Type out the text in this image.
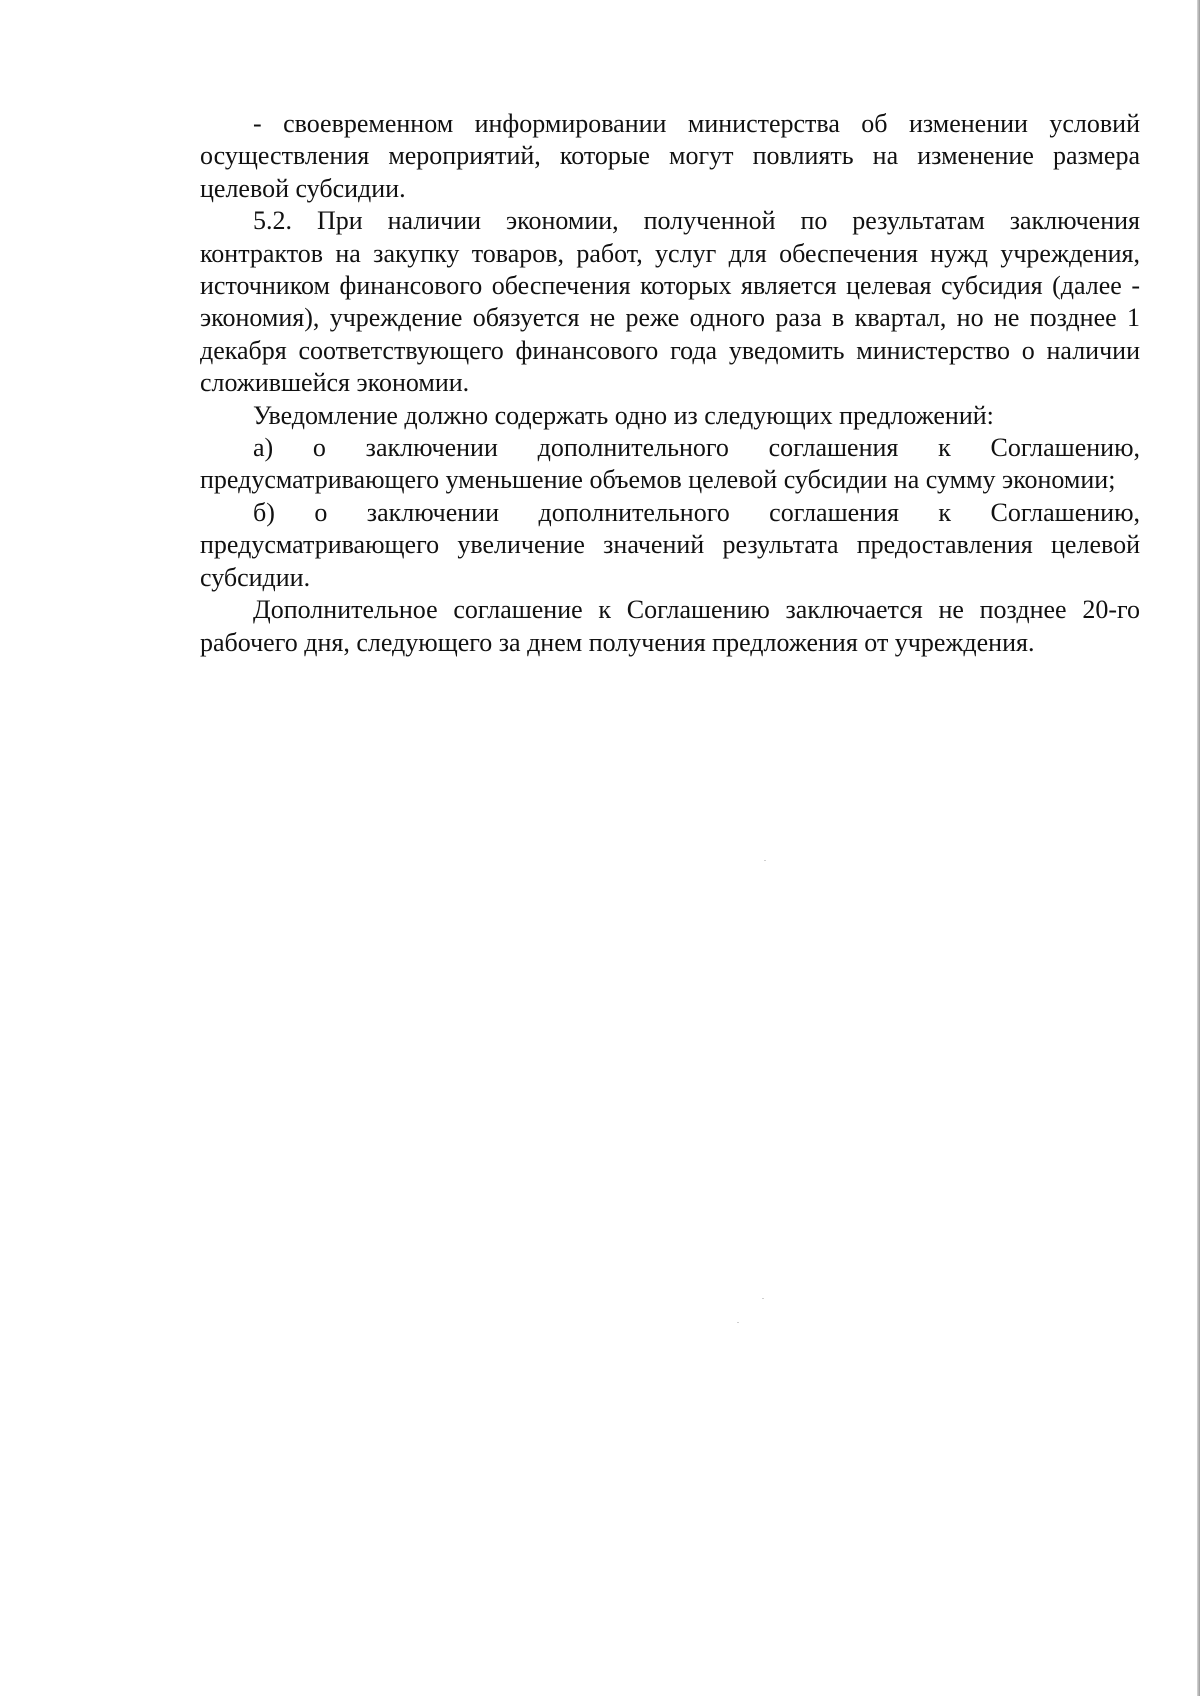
- своевременном информировании министерства об изменении условий осуществления мероприятий, которые могут повлиять на изменение размера целевой субсидии.

5.2. При наличии экономии, полученной по результатам заключения контрактов на закупку товаров, работ, услуг для обеспечения нужд учреждения, источником финансового обеспечения которых является целевая субсидия (далее - экономия), учреждение обязуется не реже одного раза в квартал, но не позднее 1 декабря соответствующего финансового года уведомить министерство о наличии сложившейся экономии.

Уведомление должно содержать одно из следующих предложений:

а) о заключении дополнительного соглашения к Соглашению, предусматривающего уменьшение объемов целевой субсидии на сумму экономии;

б) о заключении дополнительного соглашения к Соглашению, предусматривающего увеличение значений результата предоставления целевой субсидии.

Дополнительное соглашение к Соглашению заключается не позднее 20-го рабочего дня, следующего за днем получения предложения от учреждения.
